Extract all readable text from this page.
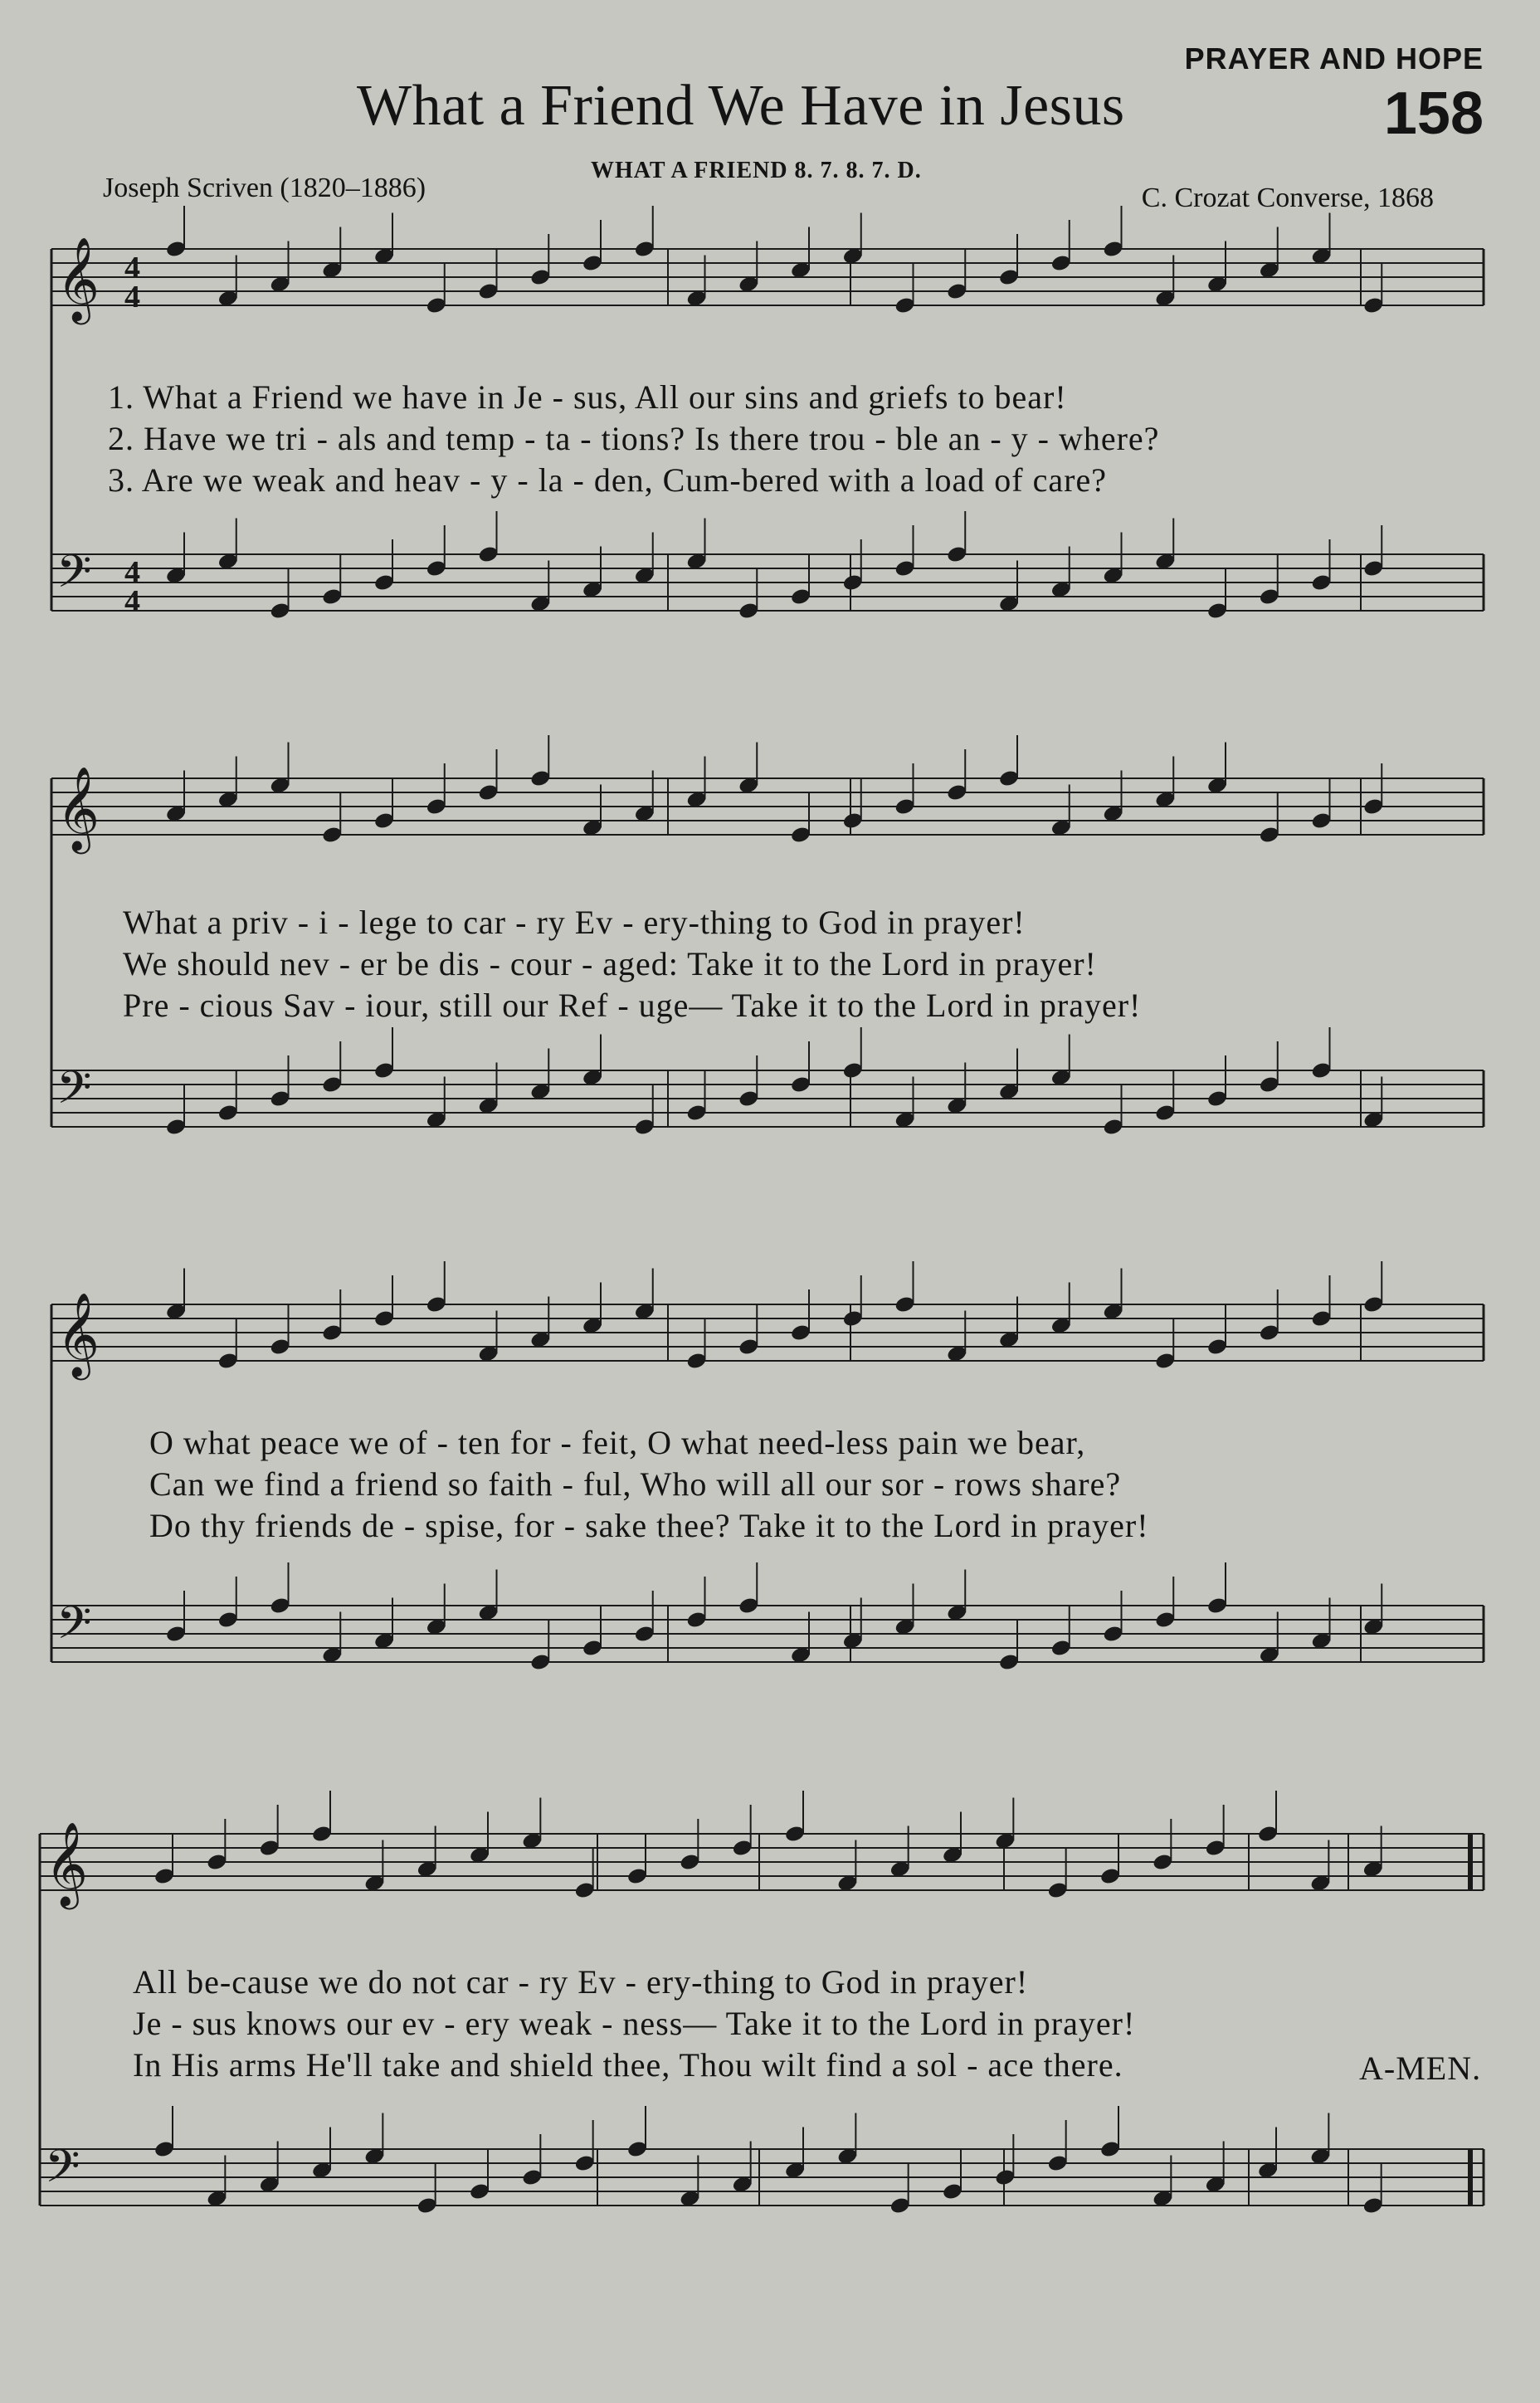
PRAYER AND HOPE
What a Friend We Have in Jesus	158
Joseph Scriven (1820–1886)
WHAT A FRIEND 8. 7. 8. 7. D.
C. Crozat Converse, 1868
𝄞
𝄢
𝄞
𝄢
𝄞
𝄢
𝄞
𝄢
4
4
4
4
1. What a Friend we have in Je - sus, All our sins and griefs to bear!
2. Have we tri - als and temp - ta - tions? Is there trou - ble an - y - where?
3. Are we weak and heav - y - la - den, Cum-bered with a load of care?
What a priv - i - lege to car - ry Ev - ery-thing to God in prayer!
We should nev - er be dis - cour - aged: Take it to the Lord in prayer!
Pre - cious Sav - iour, still our Ref - uge— Take it to the Lord in prayer!
O what peace we of - ten for - feit, O what need-less pain we bear,
Can we find a friend so faith - ful, Who will all our sor - rows share?
Do thy friends de - spise, for - sake thee? Take it to the Lord in prayer!
All be-cause we do not car - ry Ev - ery-thing to God in prayer!
Je - sus knows our ev - ery weak - ness— Take it to the Lord in prayer!
In His arms He'll take and shield thee, Thou wilt find a sol - ace there.	A-MEN.
